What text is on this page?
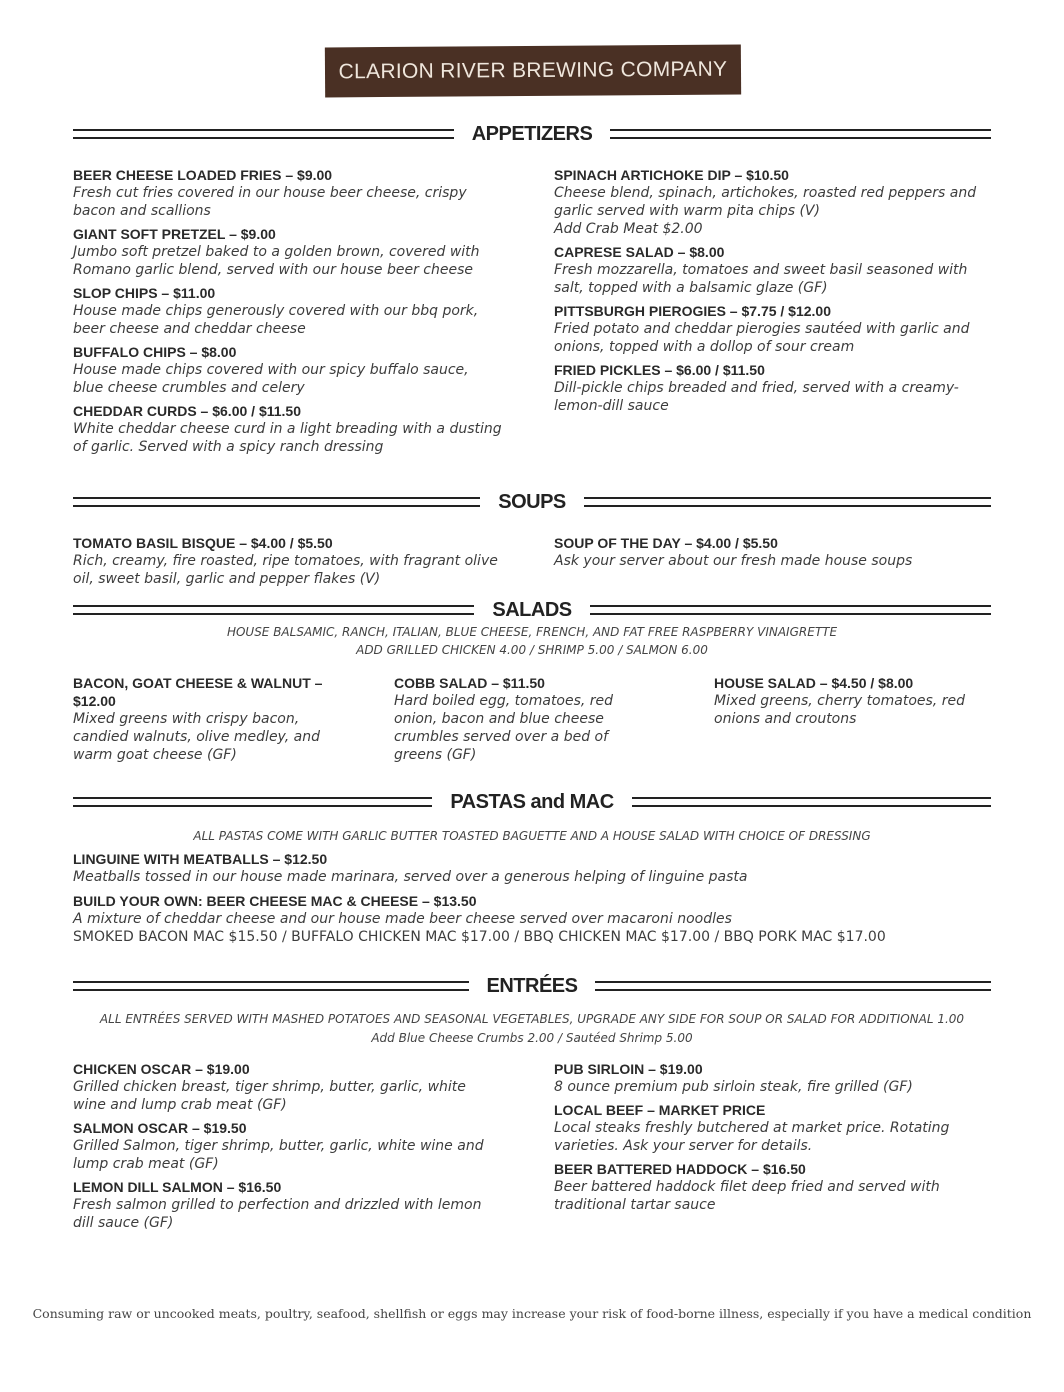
CLARION RIVER BREWING COMPANY
APPETIZERS
BEER CHEESE LOADED FRIES – $9.00
Fresh cut fries covered in our house beer cheese, crispy bacon and scallions
GIANT SOFT PRETZEL – $9.00
Jumbo soft pretzel baked to a golden brown, covered with Romano garlic blend, served with our house beer cheese
SLOP CHIPS – $11.00
House made chips generously covered with our bbq pork, beer cheese and cheddar cheese
BUFFALO CHIPS – $8.00
House made chips covered with our spicy buffalo sauce, blue cheese crumbles and celery
CHEDDAR CURDS – $6.00 / $11.50
White cheddar cheese curd in a light breading with a dusting of garlic. Served with a spicy ranch dressing
SPINACH ARTICHOKE DIP – $10.50
Cheese blend, spinach, artichokes, roasted red peppers and garlic served with warm pita chips (V)
Add Crab Meat $2.00
CAPRESE SALAD – $8.00
Fresh mozzarella, tomatoes and sweet basil seasoned with salt, topped with a balsamic glaze (GF)
PITTSBURGH PIEROGIES – $7.75 / $12.00
Fried potato and cheddar pierogies sautéed with garlic and onions, topped with a dollop of sour cream
FRIED PICKLES – $6.00 / $11.50
Dill-pickle chips breaded and fried, served with a creamy-lemon-dill sauce
SOUPS
TOMATO BASIL BISQUE – $4.00 / $5.50
Rich, creamy, fire roasted, ripe tomatoes, with fragrant olive oil, sweet basil, garlic and pepper flakes (V)
SOUP OF THE DAY – $4.00 / $5.50
Ask your server about our fresh made house soups
SALADS
HOUSE BALSAMIC, RANCH, ITALIAN, BLUE CHEESE, FRENCH, AND FAT FREE RASPBERRY VINAIGRETTE
ADD GRILLED CHICKEN 4.00 / SHRIMP 5.00 / SALMON 6.00
BACON, GOAT CHEESE & WALNUT – $12.00
Mixed greens with crispy bacon, candied walnuts, olive medley, and warm goat cheese (GF)
COBB SALAD – $11.50
Hard boiled egg, tomatoes, red onion, bacon and blue cheese crumbles served over a bed of greens (GF)
HOUSE SALAD – $4.50 / $8.00
Mixed greens, cherry tomatoes, red onions and croutons
PASTAS and MAC
ALL PASTAS COME WITH GARLIC BUTTER TOASTED BAGUETTE AND A HOUSE SALAD WITH CHOICE OF DRESSING
LINGUINE WITH MEATBALLS – $12.50
Meatballs tossed in our house made marinara, served over a generous helping of linguine pasta
BUILD YOUR OWN: BEER CHEESE MAC & CHEESE – $13.50
A mixture of cheddar cheese and our house made beer cheese served over macaroni noodles
SMOKED BACON MAC $15.50 / BUFFALO CHICKEN MAC $17.00 / BBQ CHICKEN MAC $17.00 / BBQ PORK MAC $17.00
ENTRÉES
ALL ENTRÉES SERVED WITH MASHED POTATOES AND SEASONAL VEGETABLES, UPGRADE ANY SIDE FOR SOUP OR SALAD FOR ADDITIONAL 1.00
Add Blue Cheese Crumbs 2.00 / Sautéed Shrimp 5.00
CHICKEN OSCAR – $19.00
Grilled chicken breast, tiger shrimp, butter, garlic, white wine and lump crab meat (GF)
SALMON OSCAR – $19.50
Grilled Salmon, tiger shrimp, butter, garlic, white wine and lump crab meat (GF)
LEMON DILL SALMON – $16.50
Fresh salmon grilled to perfection and drizzled with lemon dill sauce (GF)
PUB SIRLOIN – $19.00
8 ounce premium pub sirloin steak, fire grilled (GF)
LOCAL BEEF – MARKET PRICE
Local steaks freshly butchered at market price. Rotating varieties. Ask your server for details.
BEER BATTERED HADDOCK – $16.50
Beer battered haddock filet deep fried and served with traditional tartar sauce
Consuming raw or uncooked meats, poultry, seafood, shellfish or eggs may increase your risk of food-borne illness, especially if you have a medical condition
